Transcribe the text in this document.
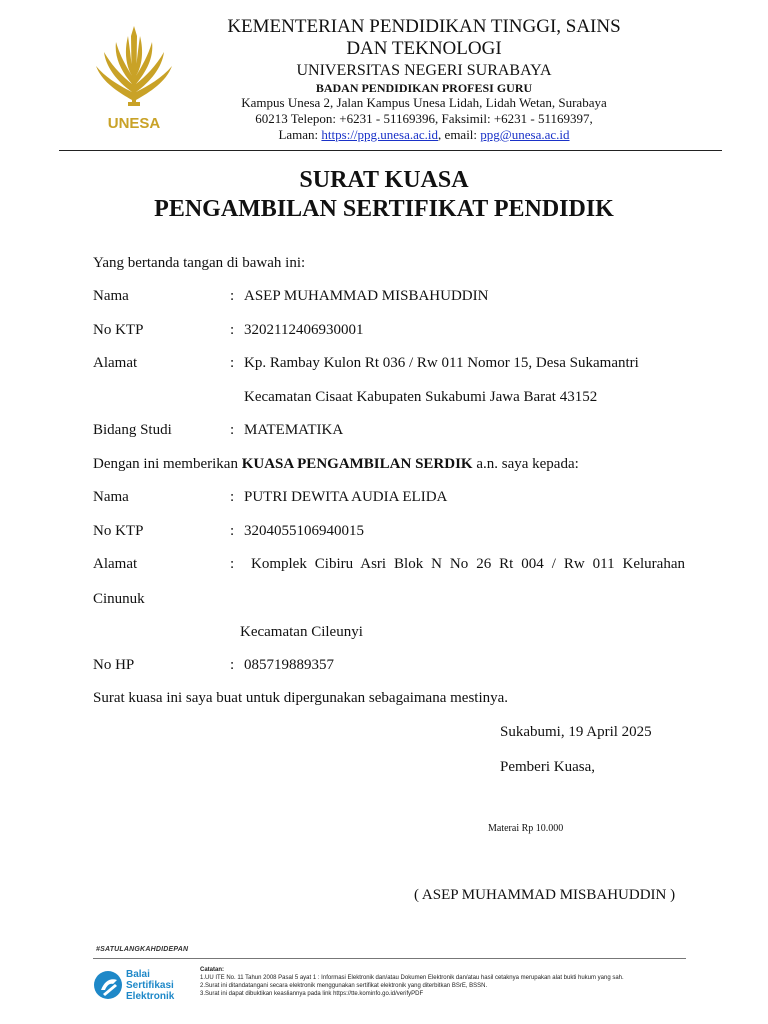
UNESA
KEMENTERIAN PENDIDIKAN TINGGI, SAINS
DAN TEKNOLOGI
UNIVERSITAS NEGERI SURABAYA
BADAN PENDIDIKAN PROFESI GURU
Kampus Unesa 2, Jalan Kampus Unesa Lidah, Lidah Wetan, Surabaya
60213 Telepon: +6231 - 51169396, Faksimil: +6231 - 51169397,
Laman: https://ppg.unesa.ac.id, email: ppg@unesa.ac.id
SURAT KUASA
PENGAMBILAN SERTIFIKAT PENDIDIK
Yang bertanda tangan di bawah ini:
Nama	: ASEP MUHAMMAD MISBAHUDDIN
No KTP	: 3202112406930001
Alamat	: Kp. Rambay Kulon Rt 036 / Rw 011 Nomor 15, Desa Sukamantri
Kecamatan Cisaat Kabupaten Sukabumi Jawa Barat 43152
Bidang Studi	: MATEMATIKA
Dengan ini memberikan KUASA PENGAMBILAN SERDIK a.n. saya kepada:
Nama	: PUTRI DEWITA AUDIA ELIDA
No KTP	: 3204055106940015
Alamat	: Komplek Cibiru Asri Blok N No 26 Rt 004 / Rw 011 Kelurahan
Cinunuk
Kecamatan Cileunyi
No HP	: 085719889357
Surat kuasa ini saya buat untuk dipergunakan sebagaimana mestinya.
Sukabumi, 19 April 2025
Pemberi Kuasa,
Materai Rp 10.000
( ASEP MUHAMMAD MISBAHUDDIN )
#SATULANGKAHDIDEPAN
Balai
Sertifikasi
Elektronik
Catatan:
1.UU ITE No. 11 Tahun 2008 Pasal 5 ayat 1 : Informasi Elektronik dan/atau Dokumen Elektronik dan/atau hasil cetaknya merupakan alat bukti hukum yang sah.
2.Surat ini ditandatangani secara elektronik menggunakan sertifikat elektronik yang diterbitkan BSrE, BSSN.
3.Surat ini dapat dibuktikan keasliannya pada link https://tte.kominfo.go.id/verifyPDF
